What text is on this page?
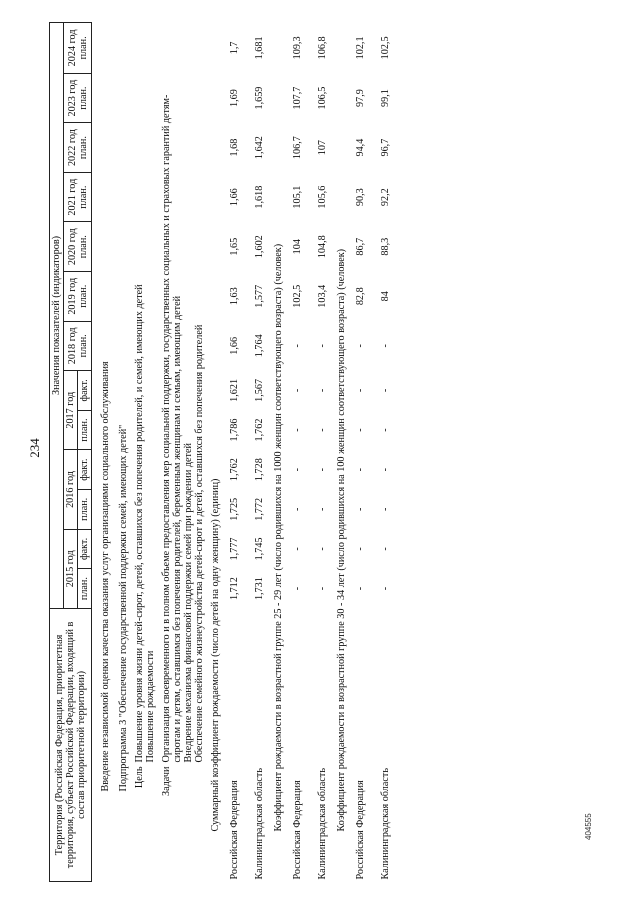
234
404555
Территория (Российская Федерация, приоритетная территория, субъект Российской Федерации, входящий в состав приоритетной территории)	Значения показателей (индикаторов)												
	2015 год		2016 год		2017 год		2018 год план.	2019 год план.	2020 год план.	2021 год план.	2022 год план.	2023 год план.	2024 год план.
	план.	факт.	план.	факт.	план.	факт.							
Введение независимой оценки качества оказания услуг организациями социального обслуживания													
Подпрограмма 3 "Обеспечение государственной поддержки семей, имеющих детей"													
Цель
Повышение уровня жизни детей-сирот, детей, оставшихся без попечения родителей, и семей, имеющих детей Повышение рождаемости													

Задачи
Организация своевременного и в полном объеме предоставления мер социальной поддержки, государственных социальных и страховых гарантий детям-сиротам и детям, оставшимся без попечения родителей, беременным женщинам и семьям, имеющим детей Внедрение механизма финансовой поддержки семей при рождении детей Обеспечение семейного жизнеустройства детей-сирот и детей, оставшихся без попечения родителей													

Суммарный коэффициент рождаемости (число детей на одну женщину) (единиц)													
Российская Федерация	1,712	1,777	1,725	1,762	1,786	1,621	1,66	1,63	1,65	1,66	1,68	1,69	1,7
Калининградская область	1,731	1,745	1,772	1,728	1,762	1,567	1,764	1,577	1,602	1,618	1,642	1,659	1,681
Коэффициент рождаемости в возрастной группе 25 - 29 лет (число родившихся на 1000 женщин соответствующего возраста) (человек)													
Российская Федерация	-	-	-	-	-	-	-	102,5	104	105,1	106,7	107,7	109,3
Калининградская область	-	-	-	-	-	-	-	103,4	104,8	105,6	107	106,5	106,8
Коэффициент рождаемости в возрастной группе 30 - 34 лет (число родившихся на 100 женщин соответствующего возраста) (человек)													
Российская Федерация	-	-	-	-	-	-	-	82,8	86,7	90,3	94,4	97,9	102,1
Калининградская область	-	-	-	-	-	-	-	84	88,3	92,2	96,7	99,1	102,5
